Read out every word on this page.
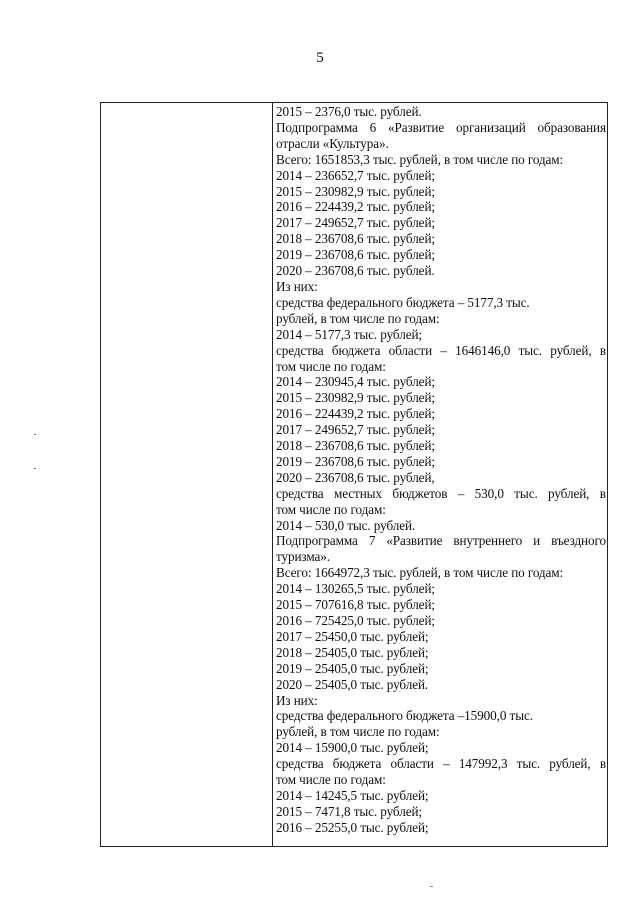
5
2015 – 2376,0 тыс. рублей.
Подпрограмма 6 «Развитие организаций образования
отрасли «Культура».
Всего: 1651853,3 тыс. рублей, в том числе по годам:
2014 – 236652,7 тыс. рублей;
2015 – 230982,9 тыс. рублей;
2016 – 224439,2 тыс. рублей;
2017 – 249652,7 тыс. рублей;
2018 – 236708,6 тыс. рублей;
2019 – 236708,6 тыс. рублей;
2020 – 236708,6 тыс. рублей.
Из них:
средства федерального бюджета – 5177,3 тыс.
рублей, в том числе по годам:
2014 – 5177,3 тыс. рублей;
средства бюджета области – 1646146,0 тыс. рублей, в
том числе по годам:
2014 – 230945,4 тыс. рублей;
2015 – 230982,9 тыс. рублей;
2016 – 224439,2 тыс. рублей;
2017 – 249652,7 тыс. рублей;
2018 – 236708,6 тыс. рублей;
2019 – 236708,6 тыс. рублей;
2020 – 236708,6 тыс. рублей,
средства местных бюджетов – 530,0 тыс. рублей, в
том числе по годам:
2014 – 530,0 тыс. рублей.
Подпрограмма 7 «Развитие внутреннего и въездного
туризма».
Всего: 1664972,3 тыс. рублей, в том числе по годам:
2014 – 130265,5 тыс. рублей;
2015 – 707616,8 тыс. рублей;
2016 – 725425,0 тыс. рублей;
2017 – 25450,0 тыс. рублей;
2018 – 25405,0 тыс. рублей;
2019 – 25405,0 тыс. рублей;
2020 – 25405,0 тыс. рублей.
Из них:
средства федерального бюджета –15900,0 тыс.
рублей, в том числе по годам:
2014 – 15900,0 тыс. рублей;
средства бюджета области – 147992,3 тыс. рублей, в
том числе по годам:
2014 – 14245,5 тыс. рублей;
2015 – 7471,8 тыс. рублей;
2016 – 25255,0 тыс. рублей;
